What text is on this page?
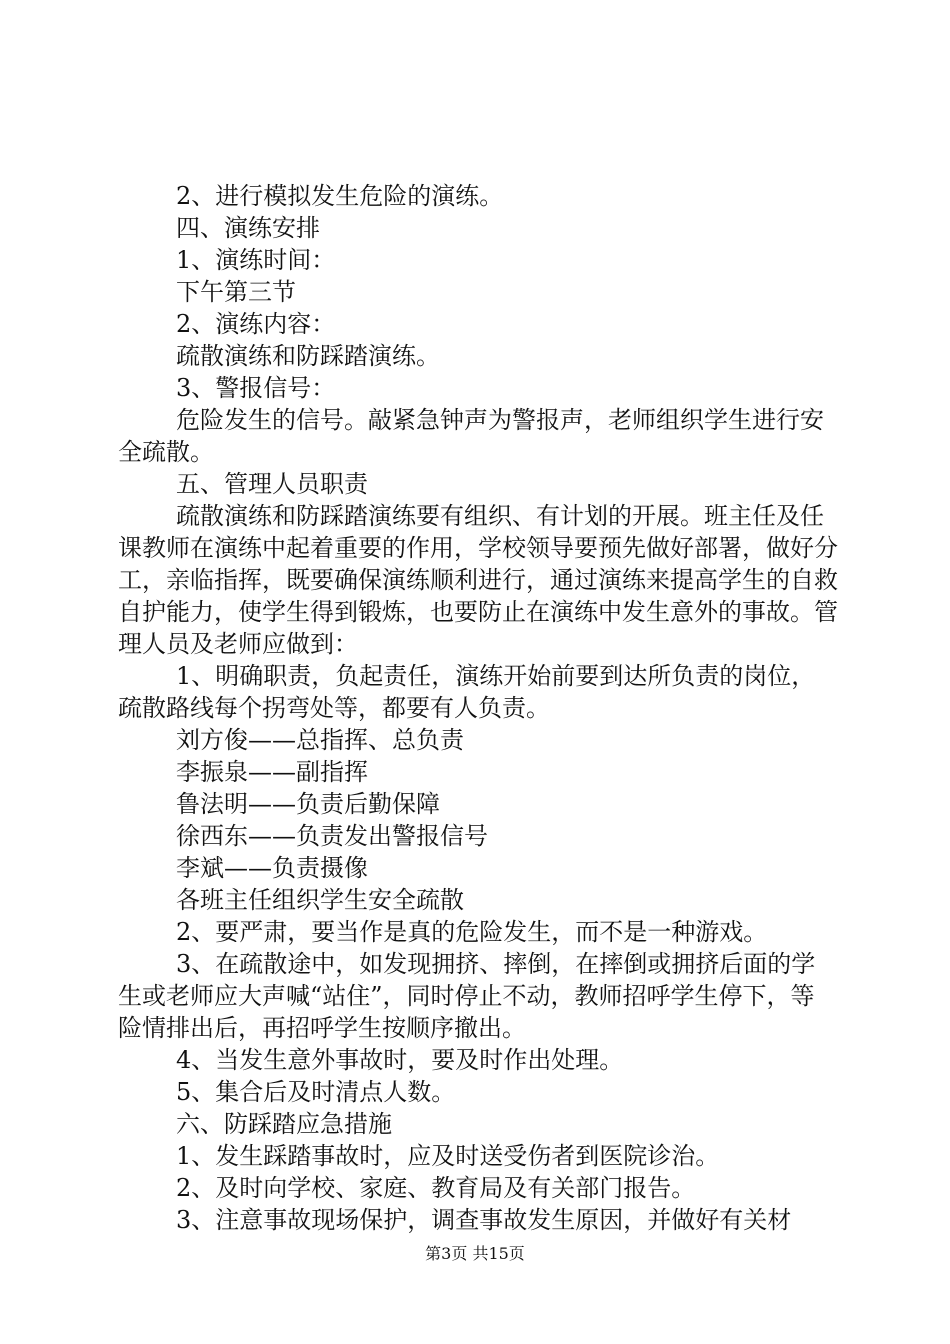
2、进行模拟发生危险的演练。

四、演练安排

1、演练时间：

下午第三节

2、演练内容：

疏散演练和防踩踏演练。

3、警报信号：

危险发生的信号。敲紧急钟声为警报声，老师组织学生进行安全疏散。

五、管理人员职责

疏散演练和防踩踏演练要有组织、有计划的开展。班主任及任课教师在演练中起着重要的作用，学校领导要预先做好部署，做好分工，亲临指挥，既要确保演练顺利进行，通过演练来提高学生的自救自护能力，使学生得到锻炼，也要防止在演练中发生意外的事故。管理人员及老师应做到：

1、明确职责，负起责任，演练开始前要到达所负责的岗位，疏散路线每个拐弯处等，都要有人负责。

刘方俊——总指挥、总负责

李振泉——副指挥

鲁法明——负责后勤保障

徐西东——负责发出警报信号

李斌——负责摄像

各班主任组织学生安全疏散

2、要严肃，要当作是真的危险发生，而不是一种游戏。

3、在疏散途中，如发现拥挤、摔倒，在摔倒或拥挤后面的学生或老师应大声喊“站住”，同时停止不动，教师招呼学生停下，等险情排出后，再招呼学生按顺序撤出。

4、当发生意外事故时，要及时作出处理。

5、集合后及时清点人数。

六、防踩踏应急措施

1、发生踩踏事故时，应及时送受伤者到医院诊治。

2、及时向学校、家庭、教育局及有关部门报告。

3、注意事故现场保护，调查事故发生原因，并做好有关材

第3页 共15页
